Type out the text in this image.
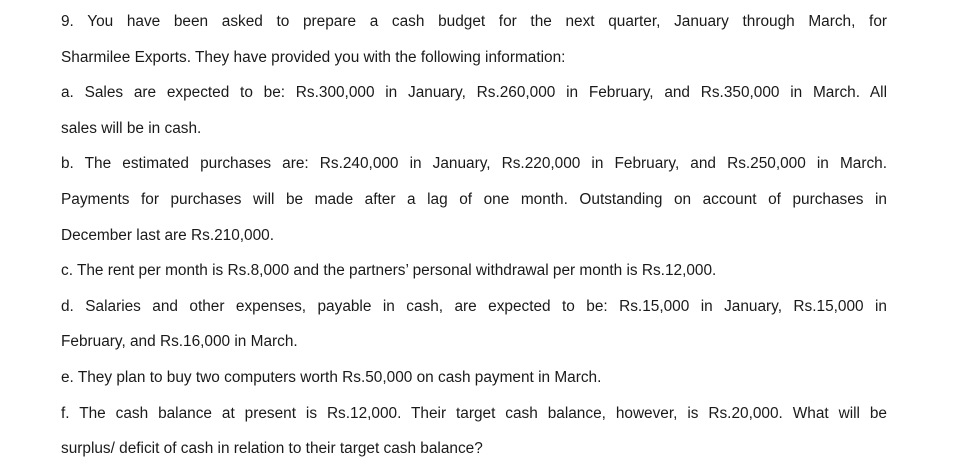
9. You have been asked to prepare a cash budget for the next quarter, January through March, for
Sharmilee Exports. They have provided you with the following information:
a. Sales are expected to be: Rs.300,000 in January, Rs.260,000 in February, and Rs.350,000 in March. All
sales will be in cash.
b. The estimated purchases are: Rs.240,000 in January, Rs.220,000 in February, and Rs.250,000 in March.
Payments for purchases will be made after a lag of one month. Outstanding on account of purchases in
December last are Rs.210,000.
c. The rent per month is Rs.8,000 and the partners’ personal withdrawal per month is Rs.12,000.
d. Salaries and other expenses, payable in cash, are expected to be: Rs.15,000 in January, Rs.15,000 in
February, and Rs.16,000 in March.
e. They plan to buy two computers worth Rs.50,000 on cash payment in March.
f. The cash balance at present is Rs.12,000. Their target cash balance, however, is Rs.20,000. What will be
surplus/ deficit of cash in relation to their target cash balance?
